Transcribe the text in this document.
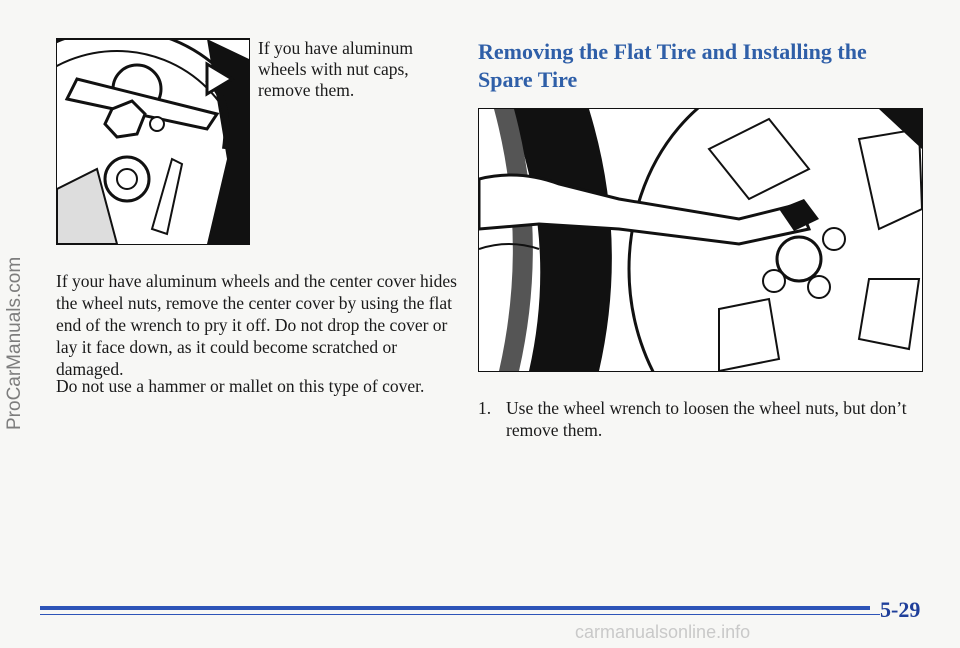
ProCarManuals.com
If you have aluminum wheels with nut caps, remove them.
If your have aluminum wheels and the center cover hides the wheel nuts, remove the center cover by using the flat end of the wrench to pry it off. Do not drop the cover or lay it face down, as it could become scratched or damaged.
Do not use a hammer or mallet on this type of cover.
Removing the Flat Tire and Installing the Spare Tire
1. Use the wheel wrench to loosen the wheel nuts, but don’t remove them.
5-29
carmanualsonline.info
